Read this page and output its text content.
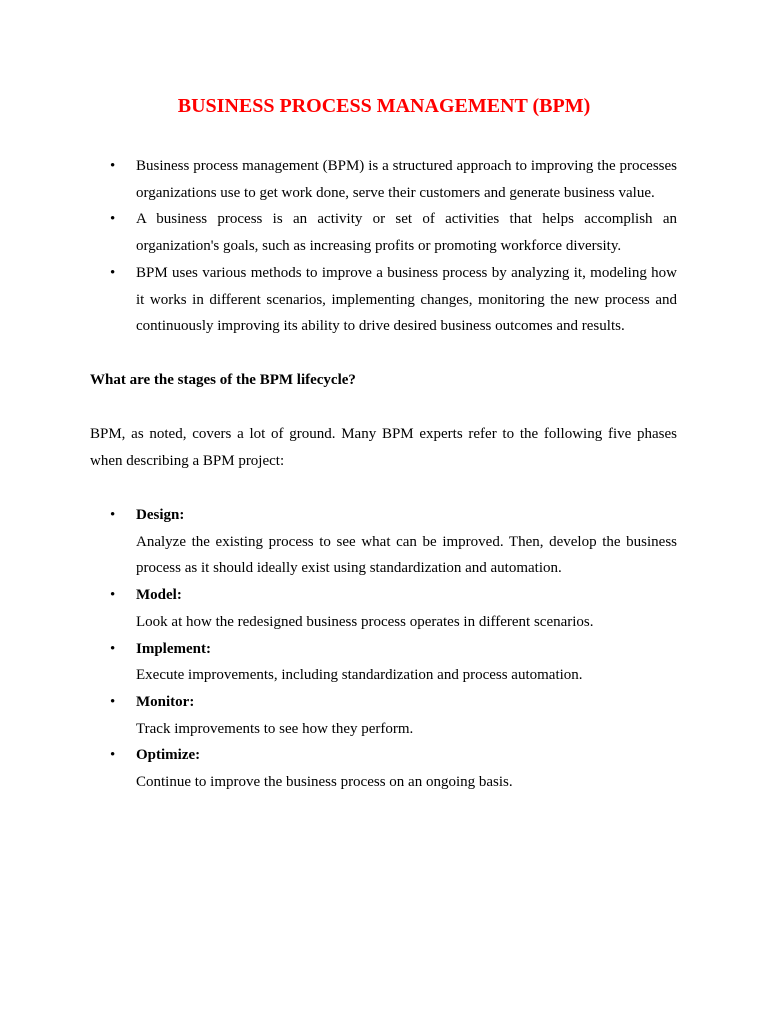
BUSINESS PROCESS MANAGEMENT (BPM)
• Business process management (BPM) is a structured approach to improving the processes organizations use to get work done, serve their customers and generate business value.
• A business process is an activity or set of activities that helps accomplish an organization's goals, such as increasing profits or promoting workforce diversity.
• BPM uses various methods to improve a business process by analyzing it, modeling how it works in different scenarios, implementing changes, monitoring the new process and continuously improving its ability to drive desired business outcomes and results.
What are the stages of the BPM lifecycle?

BPM, as noted, covers a lot of ground. Many BPM experts refer to the following five phases when describing a BPM project:

• Design:
Analyze the existing process to see what can be improved. Then, develop the business process as it should ideally exist using standardization and automation.
• Model:
Look at how the redesigned business process operates in different scenarios.
• Implement:
Execute improvements, including standardization and process automation.
• Monitor:
Track improvements to see how they perform.
• Optimize:
Continue to improve the business process on an ongoing basis.
